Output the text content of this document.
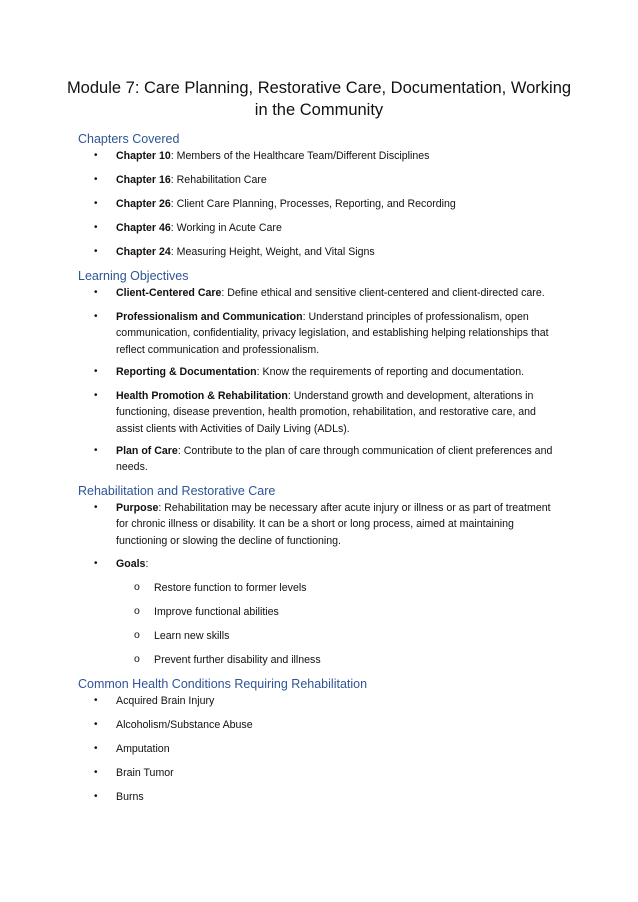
Module 7: Care Planning, Restorative Care, Documentation, Working in the Community
Chapters Covered
•	Chapter 10: Members of the Healthcare Team/Different Disciplines
•	Chapter 16: Rehabilitation Care
•	Chapter 26: Client Care Planning, Processes, Reporting, and Recording
•	Chapter 46: Working in Acute Care
•	Chapter 24: Measuring Height, Weight, and Vital Signs
Learning Objectives
•	Client-Centered Care: Define ethical and sensitive client-centered and client-directed care.
•	Professionalism and Communication: Understand principles of professionalism, open communication, confidentiality, privacy legislation, and establishing helping relationships that reflect communication and professionalism.
•	Reporting & Documentation: Know the requirements of reporting and documentation.
•	Health Promotion & Rehabilitation: Understand growth and development, alterations in functioning, disease prevention, health promotion, rehabilitation, and restorative care, and assist clients with Activities of Daily Living (ADLs).
•	Plan of Care: Contribute to the plan of care through communication of client preferences and needs.
Rehabilitation and Restorative Care
•	Purpose: Rehabilitation may be necessary after acute injury or illness or as part of treatment for chronic illness or disability. It can be a short or long process, aimed at maintaining functioning or slowing the decline of functioning.
•	Goals:
o Restore function to former levels
o Improve functional abilities
o Learn new skills
o Prevent further disability and illness
Common Health Conditions Requiring Rehabilitation
•	Acquired Brain Injury
•	Alcoholism/Substance Abuse
•	Amputation
•	Brain Tumor
•	Burns
